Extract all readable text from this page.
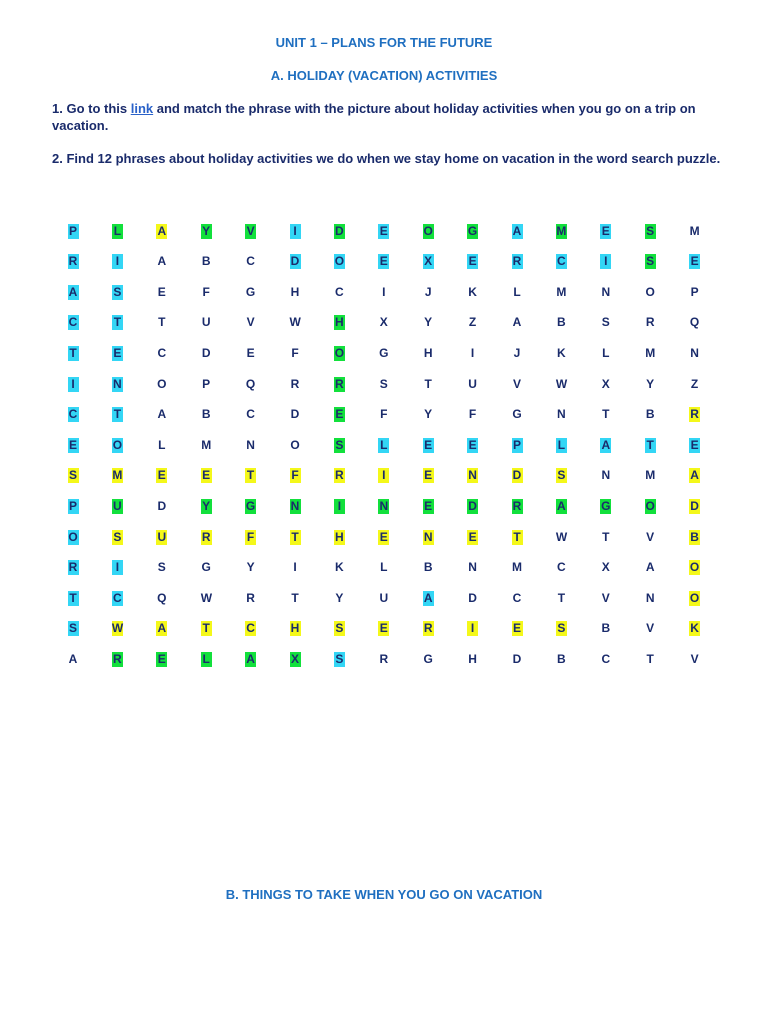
UNIT 1 – PLANS FOR THE FUTURE
A. HOLIDAY (VACATION) ACTIVITIES
1. Go to this link and match the phrase with the picture about holiday activities when you go on a trip on vacation.
2. Find 12 phrases about holiday activities we do when we stay home on vacation in the word search puzzle.
P	L	A	Y	V	I	D	E	O	G	A	M	E	S	M
R	I	A	B	C	D	O	E	X	E	R	C	I	S	E
A	S	E	F	G	H	C	I	J	K	L	M	N	O	P
C	T	T	U	V	W	H	X	Y	Z	A	B	S	R	Q
T	E	C	D	E	F	O	G	H	I	J	K	L	M	N
I	N	O	P	Q	R	R	S	T	U	V	W	X	Y	Z
C	T	A	B	C	D	E	F	Y	F	G	N	T	B	R
E	O	L	M	N	O	S	L	E	E	P	L	A	T	E
S	M	E	E	T	F	R	I	E	N	D	S	N	M	A
P	U	D	Y	G	N	I	N	E	D	R	A	G	O	D
O	S	U	R	F	T	H	E	N	E	T	W	T	V	B
R	I	S	G	Y	I	K	L	B	N	M	C	X	A	O
T	C	Q	W	R	T	Y	U	A	D	C	T	V	N	O
S	W	A	T	C	H	S	E	R	I	E	S	B	V	K
A	R	E	L	A	X	S	R	G	H	D	B	C	T	V
B. THINGS TO TAKE WHEN YOU GO ON VACATION
